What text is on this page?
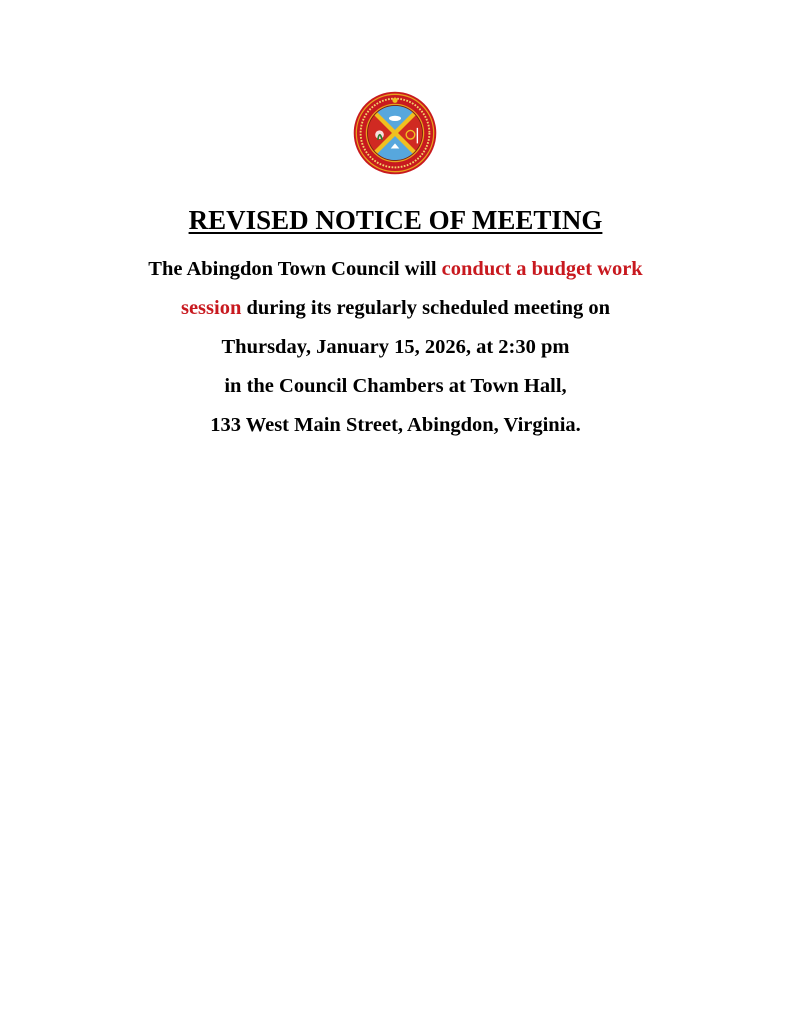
REVISED NOTICE OF MEETING
The Abingdon Town Council will conduct a budget work
session during its regularly scheduled meeting on
Thursday, January 15, 2026, at 2:30 pm
in the Council Chambers at Town Hall,
133 West Main Street, Abingdon, Virginia.
